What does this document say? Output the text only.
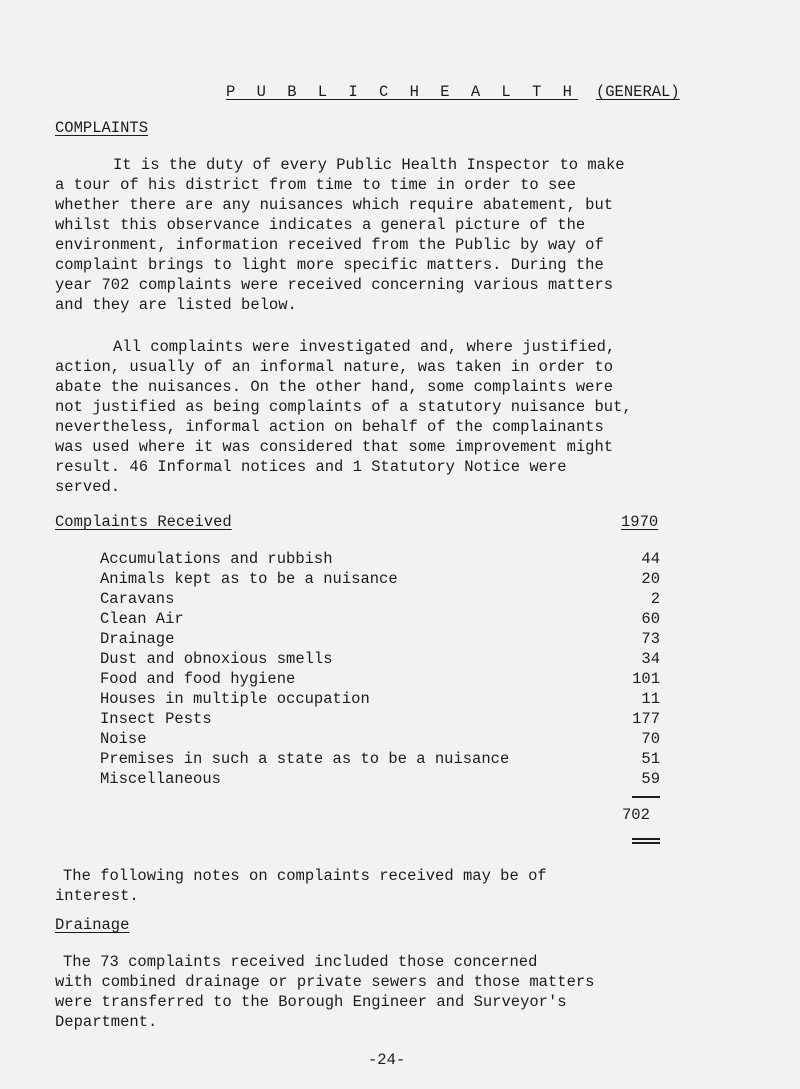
P U B L I C H E A L T H (GENERAL)
COMPLAINTS
It is the duty of every Public Health Inspector to make
a tour of his district from time to time in order to see
whether there are any nuisances which require abatement, but
whilst this observance indicates a general picture of the
environment, information received from the Public by way of
complaint brings to light more specific matters. During the
year 702 complaints were received concerning various matters
and they are listed below.
All complaints were investigated and, where justified,
action, usually of an informal nature, was taken in order to
abate the nuisances. On the other hand, some complaints were
not justified as being complaints of a statutory nuisance but,
nevertheless, informal action on behalf of the complainants
was used where it was considered that some improvement might
result. 46 Informal notices and 1 Statutory Notice were
served.
Complaints Received	1970
Accumulations and rubbish	44
Animals kept as to be a nuisance	20
Caravans	2
Clean Air	60
Drainage	73
Dust and obnoxious smells	34
Food and food hygiene	101
Houses in multiple occupation	11
Insect Pests	177
Noise	70
Premises in such a state as to be a nuisance	51
Miscellaneous	59
702
The following notes on complaints received may be of
interest.
Drainage
The 73 complaints received included those concerned
with combined drainage or private sewers and those matters
were transferred to the Borough Engineer and Surveyor's
Department.
-24-
